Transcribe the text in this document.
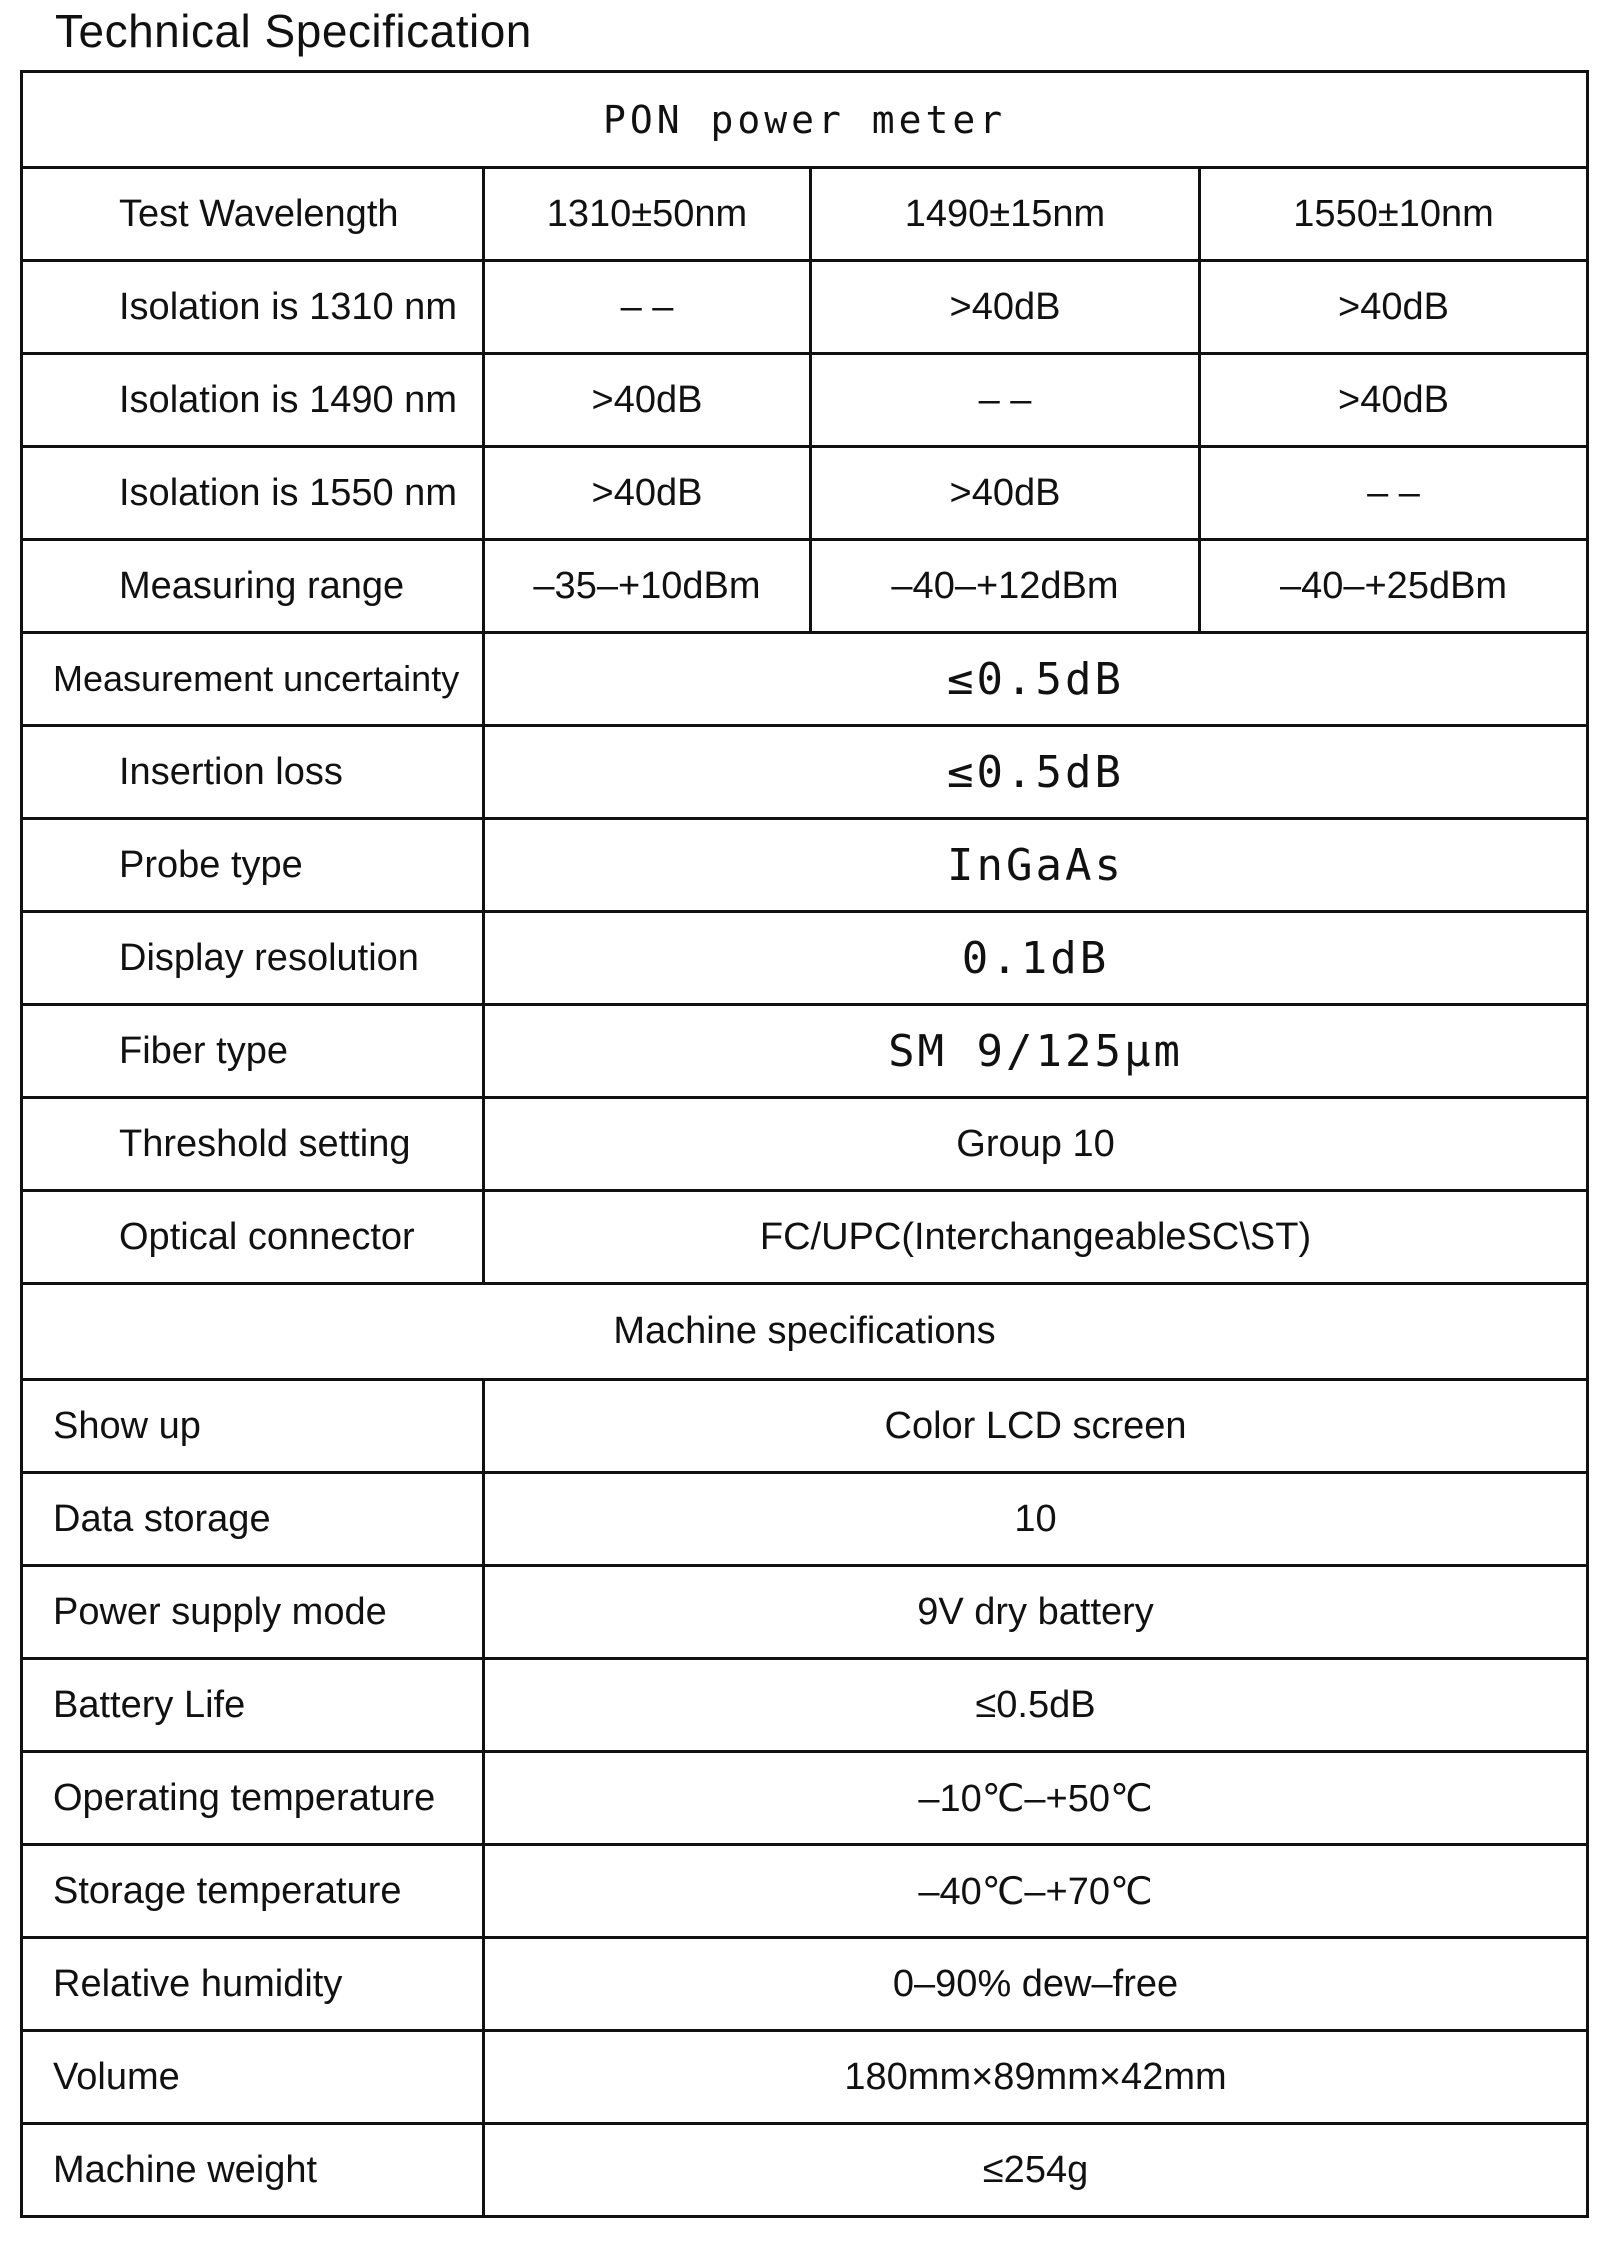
Technical Specification
PON power meter			
Test Wavelength	1310±50nm	1490±15nm	1550±10nm
Isolation is 1310 nm	– –	>40dB	>40dB
Isolation is 1490 nm	>40dB	– –	>40dB
Isolation is 1550 nm	>40dB	>40dB	– –
Measuring range	–35–+10dBm	–40–+12dBm	–40–+25dBm
Measurement uncertainty	≤0.5dB		
Insertion loss	≤0.5dB		
Probe type	InGaAs		
Display resolution	0.1dB		
Fiber type	SM 9/125μm		
Threshold setting	Group 10		
Optical connector	FC/UPC(InterchangeableSC\ST)		
Machine specifications			
Show up	Color LCD screen		
Data storage	10		
Power supply mode	9V dry battery		
Battery Life	≤0.5dB		
Operating temperature	–10℃–+50℃		
Storage temperature	–40℃–+70℃		
Relative humidity	0–90% dew–free		
Volume	180mm×89mm×42mm		
Machine weight	≤254g		
